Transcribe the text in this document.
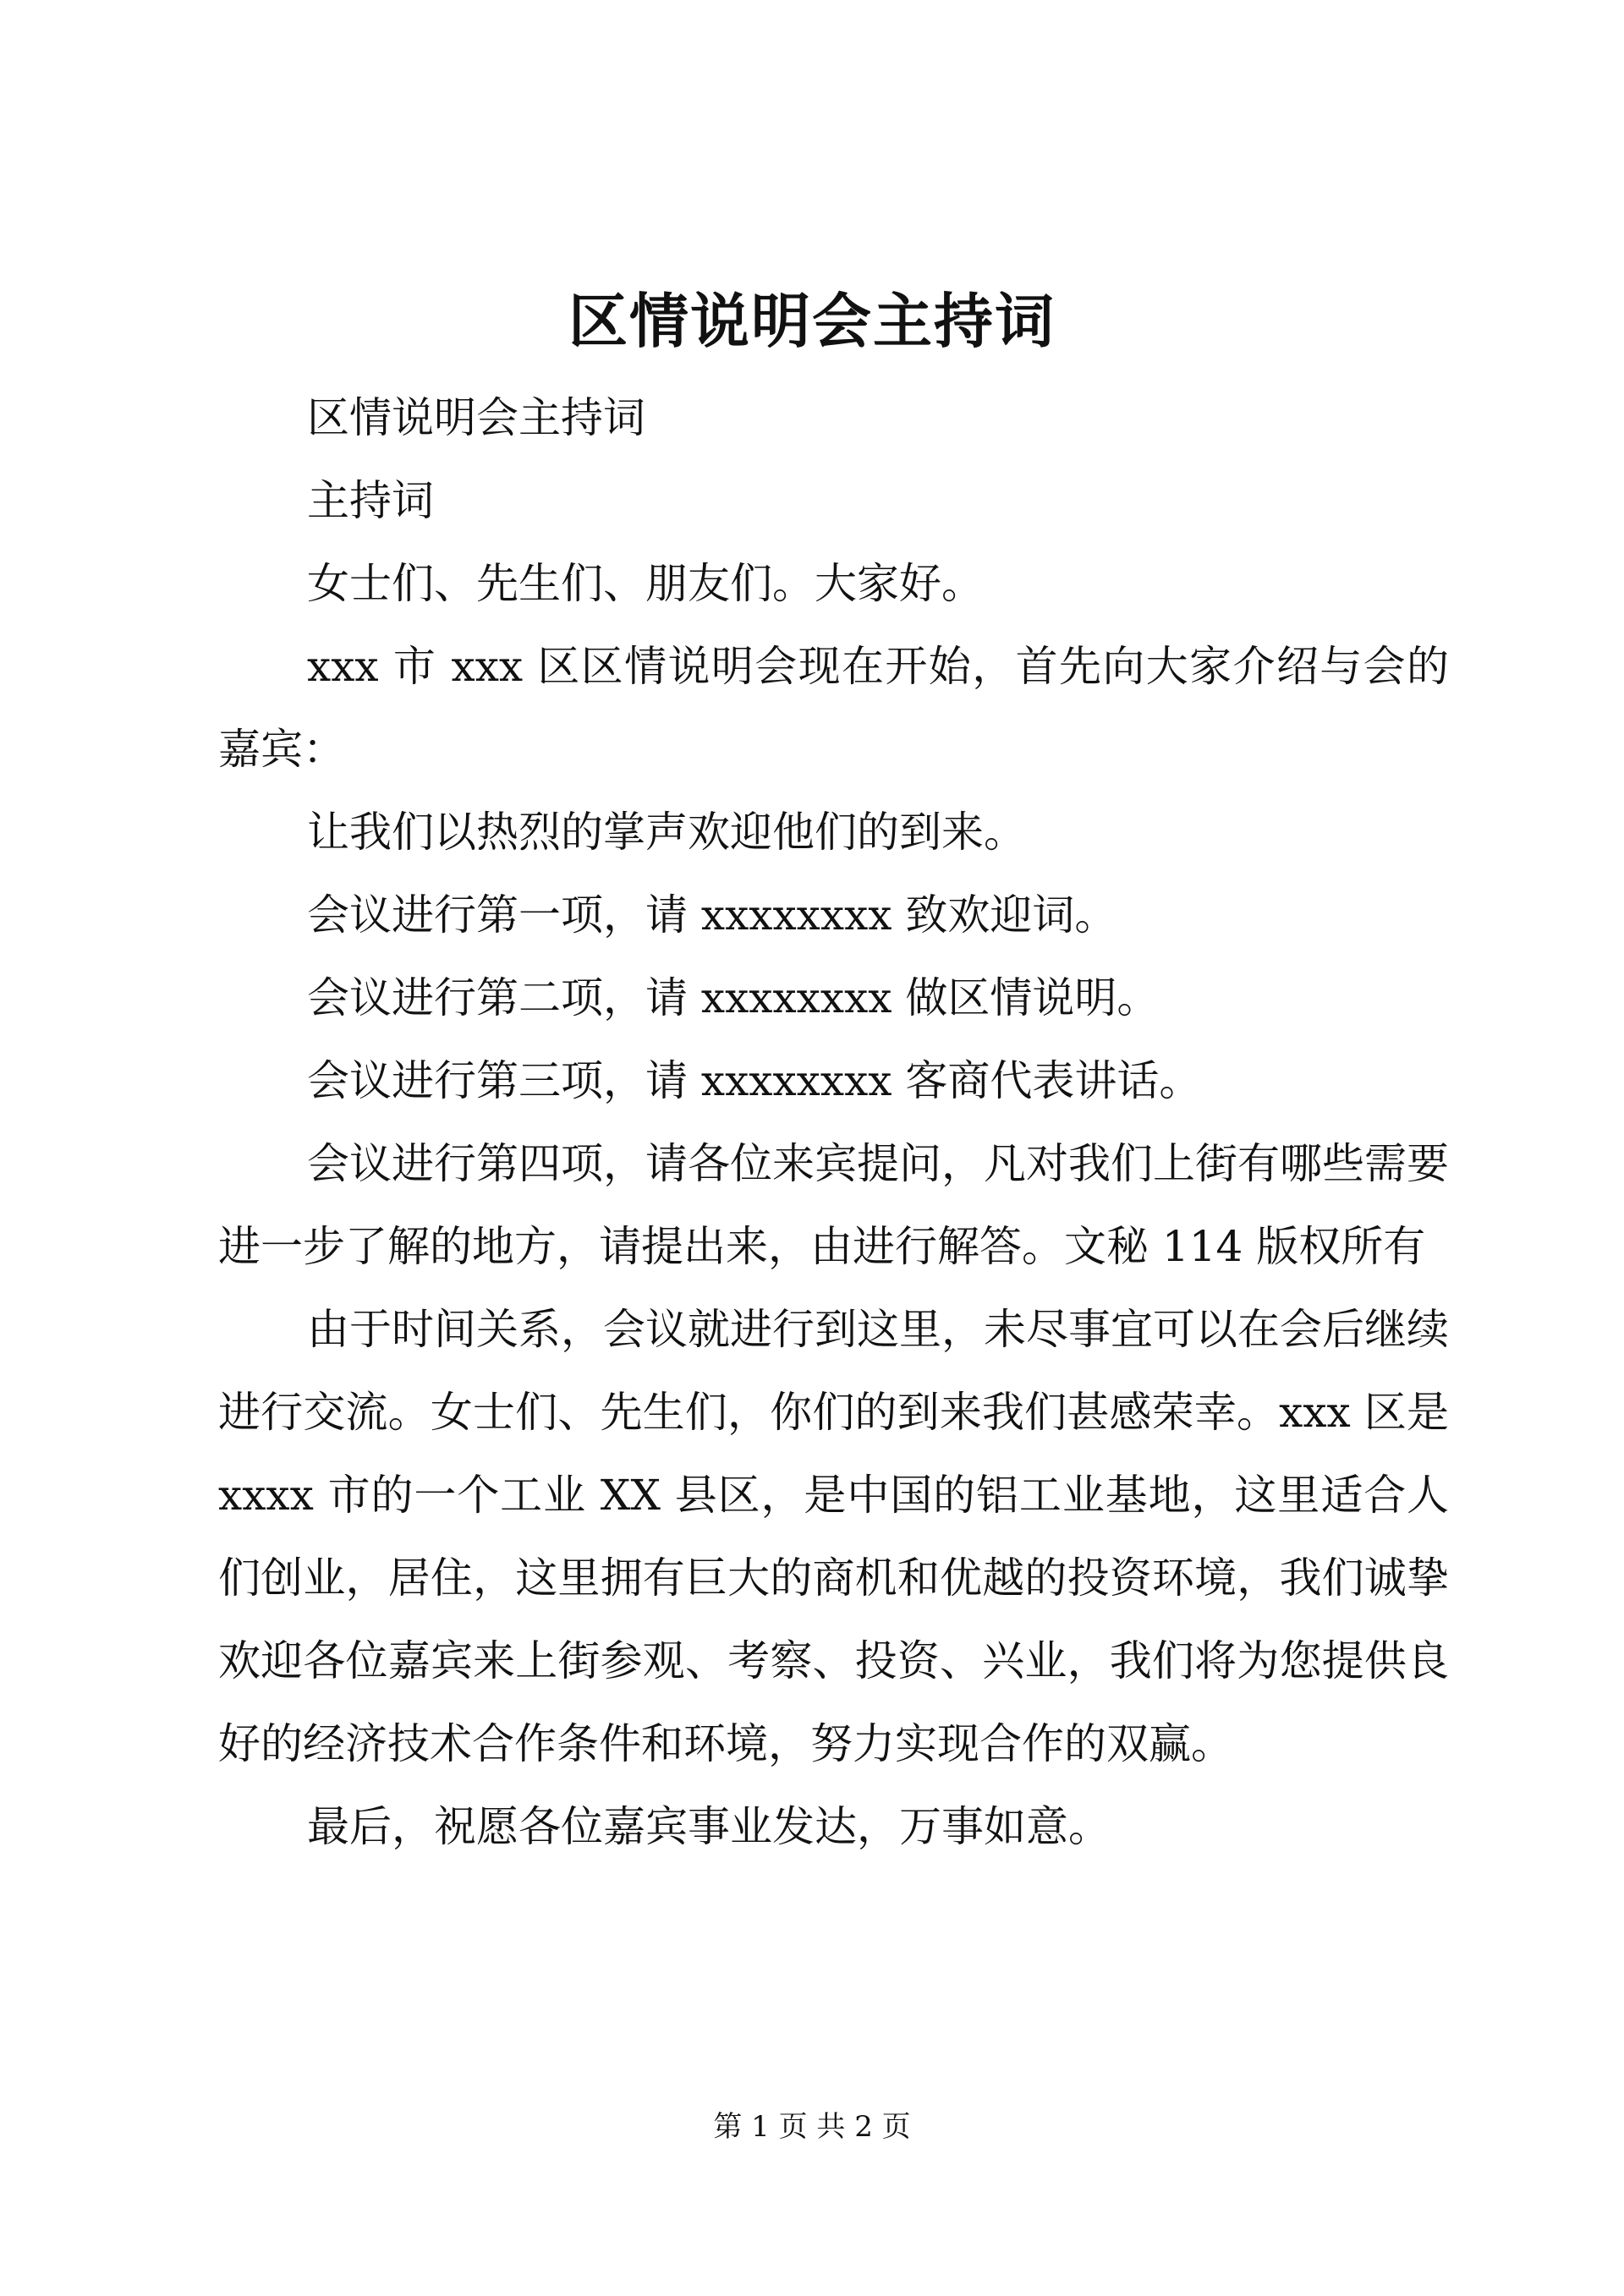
区情说明会主持词

区情说明会主持词

主持词

女士们、先生们、朋友们。大家好。

xxx 市 xxx 区区情说明会现在开始，首先向大家介绍与会的嘉宾：

让我们以热烈的掌声欢迎他们的到来。

会议进行第一项，请 xxxxxxxx 致欢迎词。

会议进行第二项，请 xxxxxxxx 做区情说明。

会议进行第三项，请 xxxxxxxx 客商代表讲话。

会议进行第四项，请各位来宾提问，凡对我们上街有哪些需要进一步了解的地方，请提出来，由进行解答。文秘 114 版权所有

由于时间关系，会议就进行到这里，未尽事宜可以在会后继续进行交流。女士们、先生们，你们的到来我们甚感荣幸。xxx 区是 xxxx 市的一个工业 XX 县区，是中国的铝工业基地，这里适合人们创业，居住，这里拥有巨大的商机和优越的投资环境，我们诚挚欢迎各位嘉宾来上街参观、考察、投资、兴业，我们将为您提供良好的经济技术合作条件和环境，努力实现合作的双赢。

最后，祝愿各位嘉宾事业发达，万事如意。

第 1 页 共 2 页
